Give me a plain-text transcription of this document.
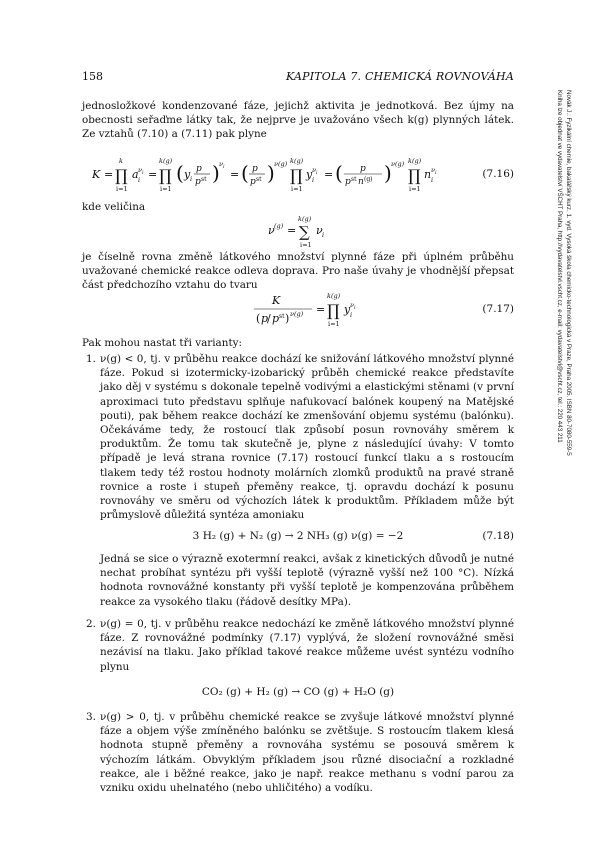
158	KAPITOLA 7. CHEMICKÁ ROVNOVÁHA
Novák J.: Fyzikální chemie, bakalářský kurz. 1. vyd. Vysoká škola chemicko-technologická v Praze, Praha 2005. ISBN 80-7080-559-5
Kniha lze objednat ve vydavatelství VŠCHT Praha, http://vydavatelstvi.vscht.cz, e-mail: vydavatelstvi@vscht.cz, tel.: 220 443 211
jednosložkové kondenzované fáze, jejichž aktivita je jednotková. Bez újmy na obecnosti seřaďme látky tak, že nejprve je uvažováno všech k(g) plynných látek. Ze vztahů (7.10) a (7.11) pak plyne
K = ∏
k
i=1
a ν i
i = ∏
k(g)
i=1
( y i
p
p st ) ν i
= ( p
p st ) ν(g)
∏
k(g)
i=1
y ν i
i = ( p
p st n (g) ) ν(g)
∏
k(g)
i=1
n ν i
i	(7.16)
kde veličina
ν (g) = ∑
k(g)
i=1
ν i
je číselně rovna změně látkového množství plynné fáze při úplném průběhu uvažované chemické reakce odleva doprava. Pro naše úvahy je vhodnější přepsat část předchozího vztahu do tvaru
K
( p
/ p st ) ν(g) = ∏
k(g)
i=1
y ν i
i	(7.17)
Pak mohou nastat tři varianty:
1. ν(g) < 0, tj. v průběhu reakce dochází ke snižování látkového množství plynné fáze. Pokud si izotermicky-izobarický průběh chemické reakce představíte jako děj v systému s dokonale tepelně vodivými a elastickými stěnami (v první aproximaci tuto představu splňuje nafukovací balónek koupený na Matějské pouti), pak během reakce dochází ke zmenšování objemu systému (balónku). Očekáváme tedy, že rostoucí tlak způsobí posun rovnováhy směrem k produktům. Že tomu tak skutečně je, plyne z následující úvahy: V tomto případě je levá strana rovnice (7.17) rostoucí funkcí tlaku a s rostoucím tlakem tedy též rostou hodnoty molárních zlomků produktů na pravé straně rovnice a roste i stupeň přeměny reakce, tj. opravdu dochází k posunu rovnováhy ve směru od výchozích látek k produktům. Příkladem může být průmyslově důležitá syntéza amoniaku
3 H₂ (g) + N₂ (g) → 2 NH₃ (g) ν(g) = −2	(7.18)
Jedná se sice o výrazně exotermní reakci, avšak z kinetických důvodů je nutné nechat probíhat syntézu při vyšší teplotě (výrazně vyšší než 100 °C). Nízká hodnota rovnovážné konstanty při vyšší teplotě je kompenzována průběhem reakce za vysokého tlaku (řádově desítky MPa).
2. ν(g) = 0, tj. v průběhu reakce nedochází ke změně látkového množství plynné fáze. Z rovnovážné podmínky (7.17) vyplývá, že složení rovnovážné směsi nezávisí na tlaku. Jako příklad takové reakce můžeme uvést syntézu vodního plynu
CO₂ (g) + H₂ (g) → CO (g) + H₂O (g)
3. ν(g) > 0, tj. v průběhu chemické reakce se zvyšuje látkové množství plynné fáze a objem výše zmíněného balónku se zvětšuje. S rostoucím tlakem klesá hodnota stupně přeměny a rovnováha systému se posouvá směrem k výchozím látkám. Obvyklým příkladem jsou různé disociační a rozkladné reakce, ale i běžné reakce, jako je např. reakce methanu s vodní parou za vzniku oxidu uhelnatého (nebo uhličitého) a vodíku.
